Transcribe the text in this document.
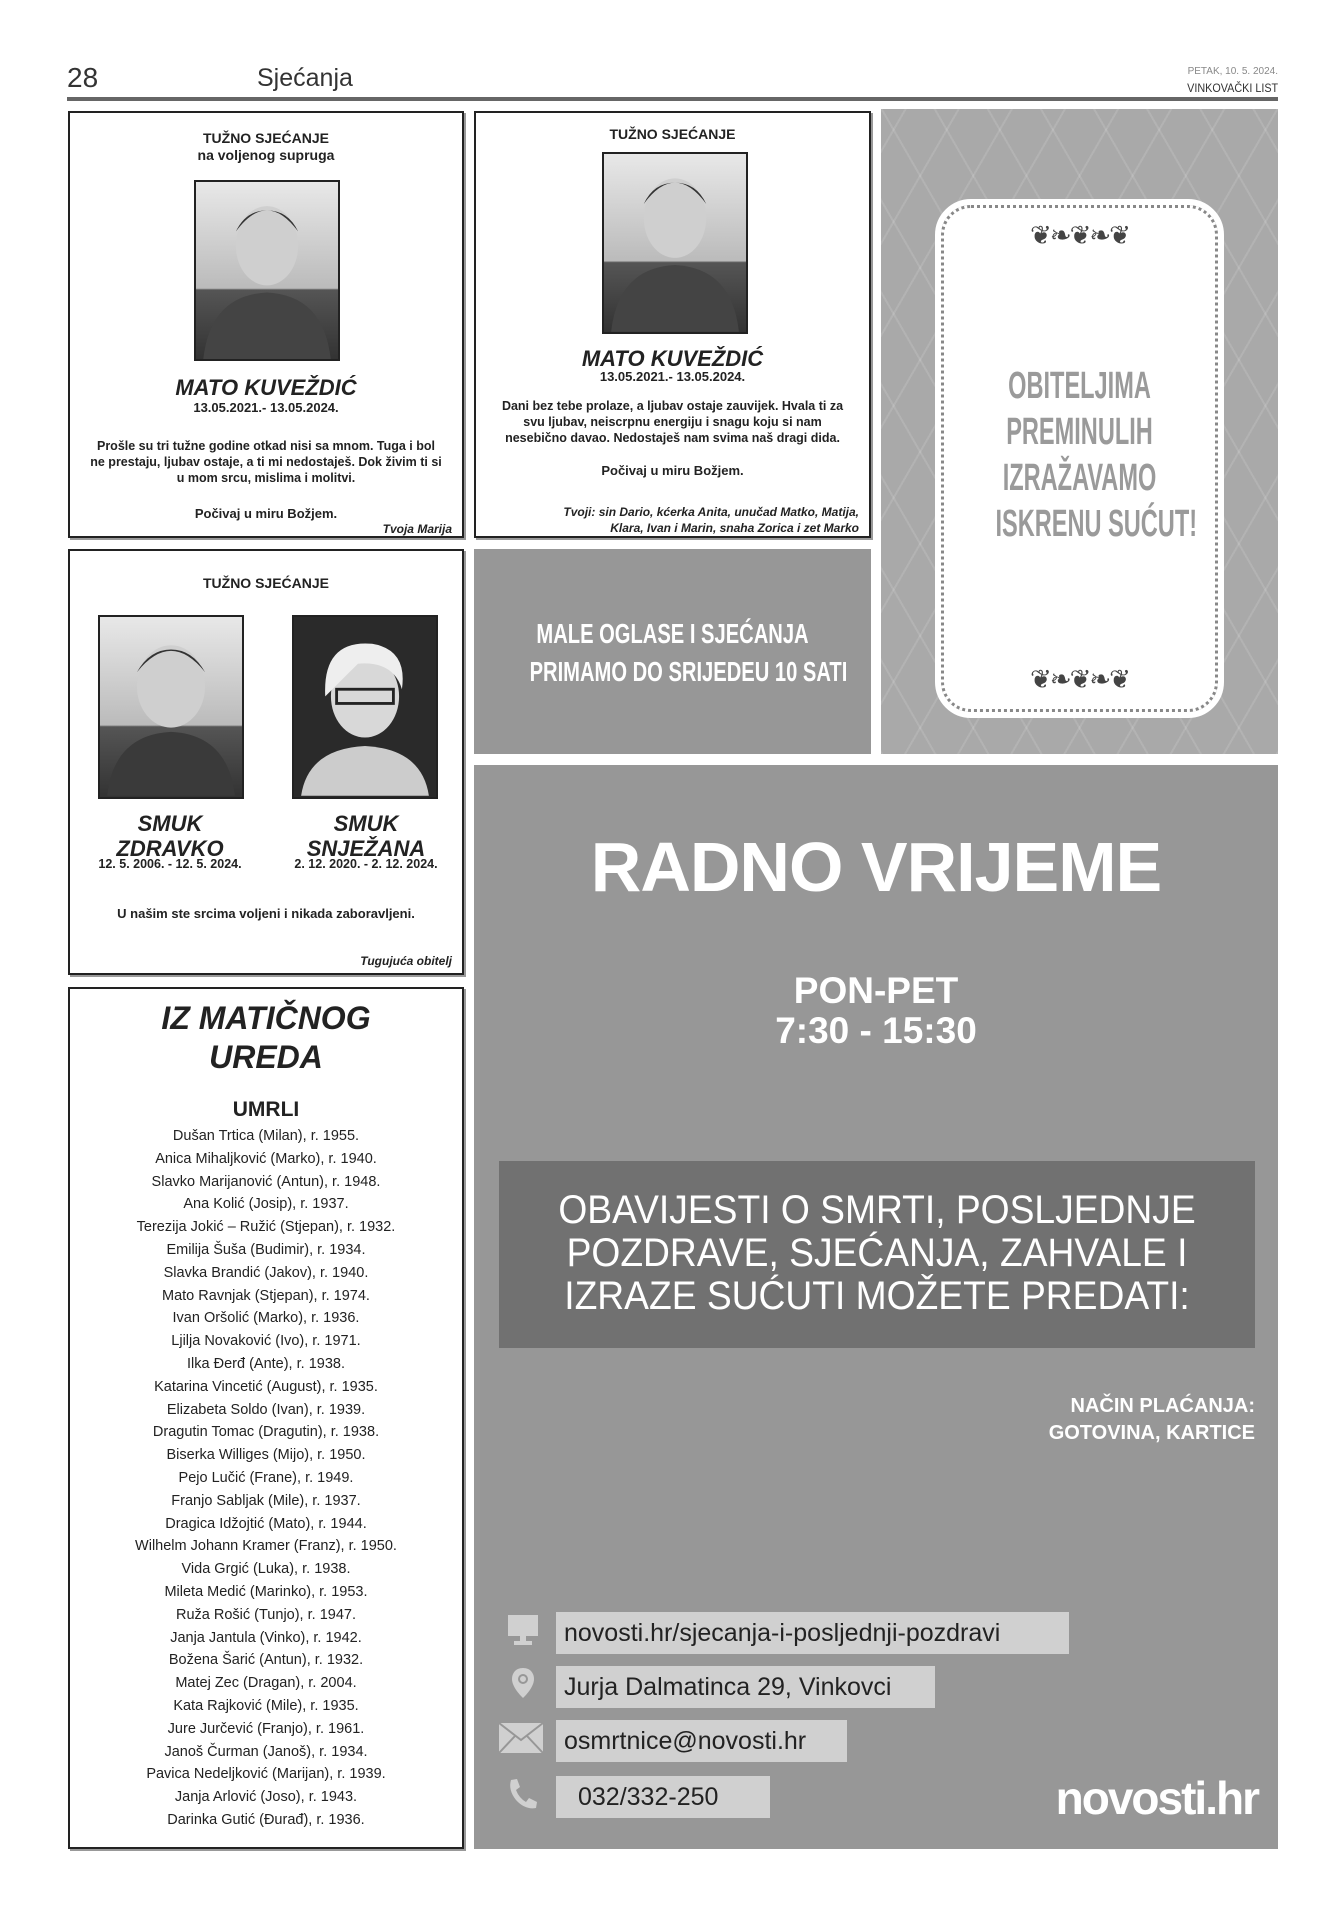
28	Sjećanja	PETAK, 10. 5. 2024.
VINKOVAČKI LIST
TUŽNO SJEĆANJE
na voljenog supruga
MATO KUVEŽDIĆ
13.05.2021.- 13.05.2024.
Prošle su tri tužne godine otkad nisi sa mnom. Tuga i bol ne prestaju, ljubav ostaje, a ti mi nedostaješ. Dok živim ti si u mom srcu, mislima i molitvi.
Počivaj u miru Božjem.
Tvoja Marija
TUŽNO SJEĆANJE
MATO KUVEŽDIĆ
13.05.2021.- 13.05.2024.
Dani bez tebe prolaze, a ljubav ostaje zauvijek. Hvala ti za svu ljubav, neiscrpnu energiju i snagu koju si nam nesebično davao. Nedostaješ nam svima naš dragi dida.
Počivaj u miru Božjem.
Tvoji: sin Dario, kćerka Anita, unučad Matko, Matija,
Klara, Ivan i Marin, snaha Zorica i zet Marko
❦❧❦❧❦
OBITELJIMA
PREMINULIH
IZRAŽAVAMO
ISKRENU SUĆUT!
❦❧❦❧❦
TUŽNO SJEĆANJE
SMUK
ZDRAVKO
12. 5. 2006. - 12. 5. 2024.
SMUK
SNJEŽANA
2. 12. 2020. - 2. 12. 2024.
U našim ste srcima voljeni i nikada zaboravljeni.
Tugujuća obitelj
MALE OGLASE I SJEĆANJA
PRIMAMO DO SRIJEDEU 10 SATI
IZ MATIČNOG
UREDA
UMRLI
Dušan Trtica (Milan), r. 1955.
Anica Mihaljković (Marko), r. 1940.
Slavko Marijanović (Antun), r. 1948.
Ana Kolić (Josip), r. 1937.
Terezija Jokić – Ružić (Stjepan), r. 1932.
Emilija Šuša (Budimir), r. 1934.
Slavka Brandić (Jakov), r. 1940.
Mato Ravnjak (Stjepan), r. 1974.
Ivan Oršolić (Marko), r. 1936.
Ljilja Novaković (Ivo), r. 1971.
Ilka Đerđ (Ante), r. 1938.
Katarina Vincetić (August), r. 1935.
Elizabeta Soldo (Ivan), r. 1939.
Dragutin Tomac (Dragutin), r. 1938.
Biserka Williges (Mijo), r. 1950.
Pejo Lučić (Frane), r. 1949.
Franjo Sabljak (Mile), r. 1937.
Dragica Idžojtić (Mato), r. 1944.
Wilhelm Johann Kramer (Franz), r. 1950.
Vida Grgić (Luka), r. 1938.
Mileta Medić (Marinko), r. 1953.
Ruža Rošić (Tunjo), r. 1947.
Janja Jantula (Vinko), r. 1942.
Božena Šarić (Antun), r. 1932.
Matej Zec (Dragan), r. 2004.
Kata Rajković (Mile), r. 1935.
Jure Jurčević (Franjo), r. 1961.
Janoš Čurman (Janoš), r. 1934.
Pavica Nedeljković (Marijan), r. 1939.
Janja Arlović (Joso), r. 1943.
Darinka Gutić (Đurađ), r. 1936.
RADNO VRIJEME
PON-PET
7:30 - 15:30
OBAVIJESTI O SMRTI, POSLJEDNJE
POZDRAVE, SJEĆANJA, ZAHVALE I
IZRAZE SUĆUTI MOŽETE PREDATI:
NAČIN PLAĆANJA:
GOTOVINA, KARTICE
novosti.hr/sjecanja-i-posljednji-pozdravi
Jurja Dalmatinca 29, Vinkovci
osmrtnice@novosti.hr
032/332-250	novosti.hr
